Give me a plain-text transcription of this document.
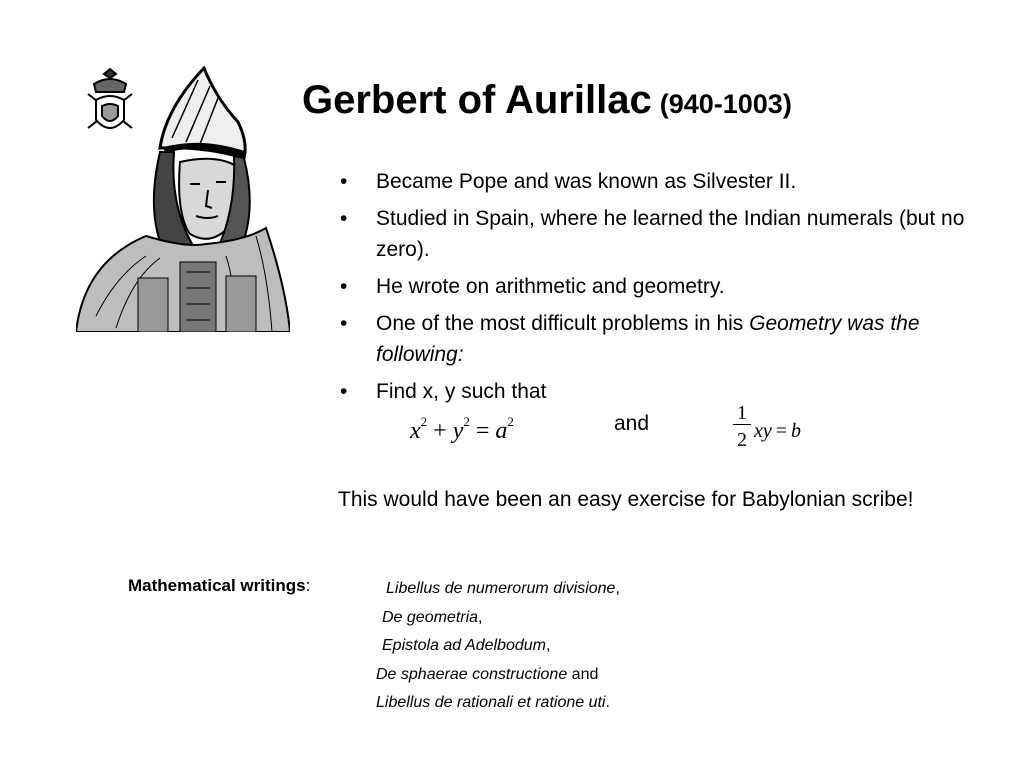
Gerbert of Aurillac (940-1003)
• Became Pope and was known as Silvester II.
• Studied in Spain, where he learned the Indian numerals (but no zero).
• He wrote on arithmetic and geometry.
• One of the most difficult problems in his Geometry was the following:
• Find x, y such that
$x^2 + y^2 = a^2$	and	$\frac{1}{2}$ xy = b
This would have been an easy exercise for Babylonian scribe!
Mathematical writings:	Libellus de numerorum divisione,
De geometria,
Epistola ad Adelbodum,
De sphaerae constructione and
Libellus de rationali et ratione uti.
